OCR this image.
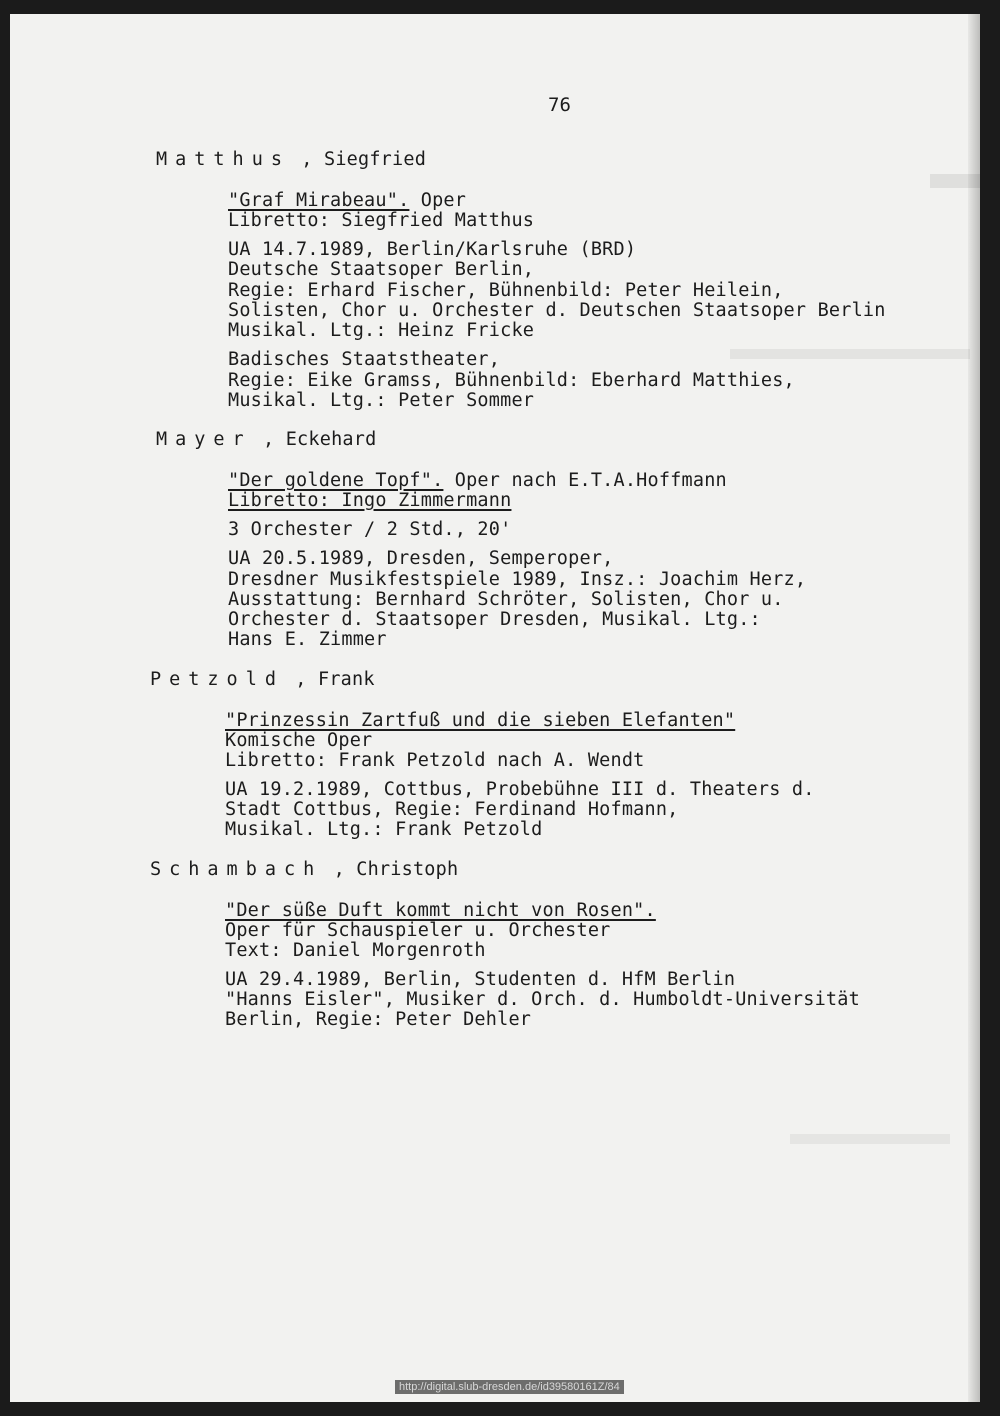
76
Matthus , Siegfried
"Graf Mirabeau". Oper
Libretto: Siegfried Matthus
UA 14.7.1989, Berlin/Karlsruhe (BRD)
Deutsche Staatsoper Berlin,
Regie: Erhard Fischer, Bühnenbild: Peter Heilein,
Solisten, Chor u. Orchester d. Deutschen Staatsoper Berlin
Musikal. Ltg.: Heinz Fricke
Badisches Staatstheater,
Regie: Eike Gramss, Bühnenbild: Eberhard Matthies,
Musikal. Ltg.: Peter Sommer
Mayer , Eckehard
"Der goldene Topf". Oper nach E.T.A.Hoffmann
Libretto: Ingo Zimmermann
3 Orchester / 2 Std., 20'
UA 20.5.1989, Dresden, Semperoper,
Dresdner Musikfestspiele 1989, Insz.: Joachim Herz,
Ausstattung: Bernhard Schröter, Solisten, Chor u.
Orchester d. Staatsoper Dresden, Musikal. Ltg.:
Hans E. Zimmer
Petzold , Frank
"Prinzessin Zartfuß und die sieben Elefanten"
Komische Oper
Libretto: Frank Petzold nach A. Wendt
UA 19.2.1989, Cottbus, Probebühne III d. Theaters d.
Stadt Cottbus, Regie: Ferdinand Hofmann,
Musikal. Ltg.: Frank Petzold
Schambach , Christoph
"Der süße Duft kommt nicht von Rosen".
Oper für Schauspieler u. Orchester
Text: Daniel Morgenroth
UA 29.4.1989, Berlin, Studenten d. HfM Berlin
"Hanns Eisler", Musiker d. Orch. d. Humboldt-Universität
Berlin, Regie: Peter Dehler
http://digital.slub-dresden.de/id39580161Z/84
